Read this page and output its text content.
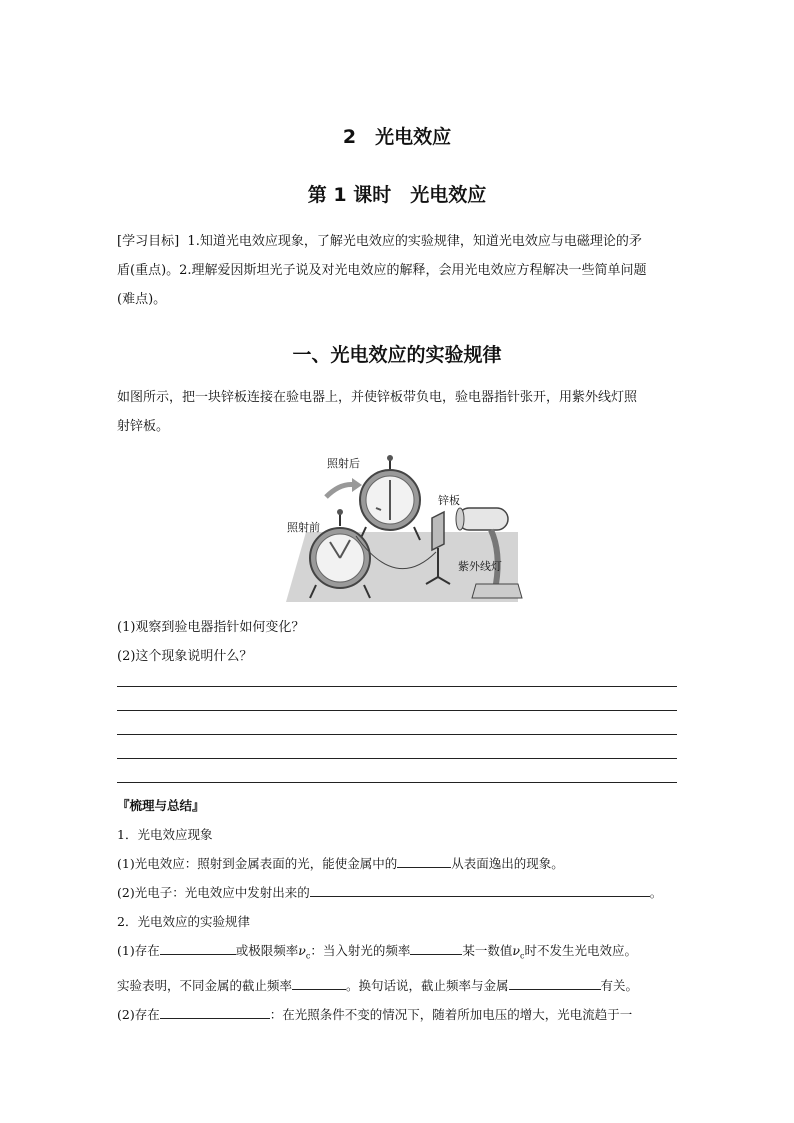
2　光电效应
第 1 课时　光电效应
[学习目标] 1.知道光电效应现象，了解光电效应的实验规律，知道光电效应与电磁理论的矛
盾(重点)。2.理解爱因斯坦光子说及对光电效应的解释，会用光电效应方程解决一些简单问题
(难点)。
一、光电效应的实验规律
如图所示，把一块锌板连接在验电器上，并使锌板带负电，验电器指针张开，用紫外线灯照
射锌板。
照射后
照射前
锌板
紫外线灯
(1)观察到验电器指针如何变化？
(2)这个现象说明什么？
『梳理与总结』
1．光电效应现象
(1)光电效应：照射到金属表面的光，能使金属中的	从表面逸出的现象。
(2)光电子：光电效应中发射出来的	。
2．光电效应的实验规律
(1)存在	或极限频率$\nu_c$：当入射光的频率	某一数值$\nu_c$时不发生光电效应。
实验表明，不同金属的截止频率	。换句话说，截止频率与金属	有关。
(2)存在	：在光照条件不变的情况下，随着所加电压的增大，光电流趋于一
